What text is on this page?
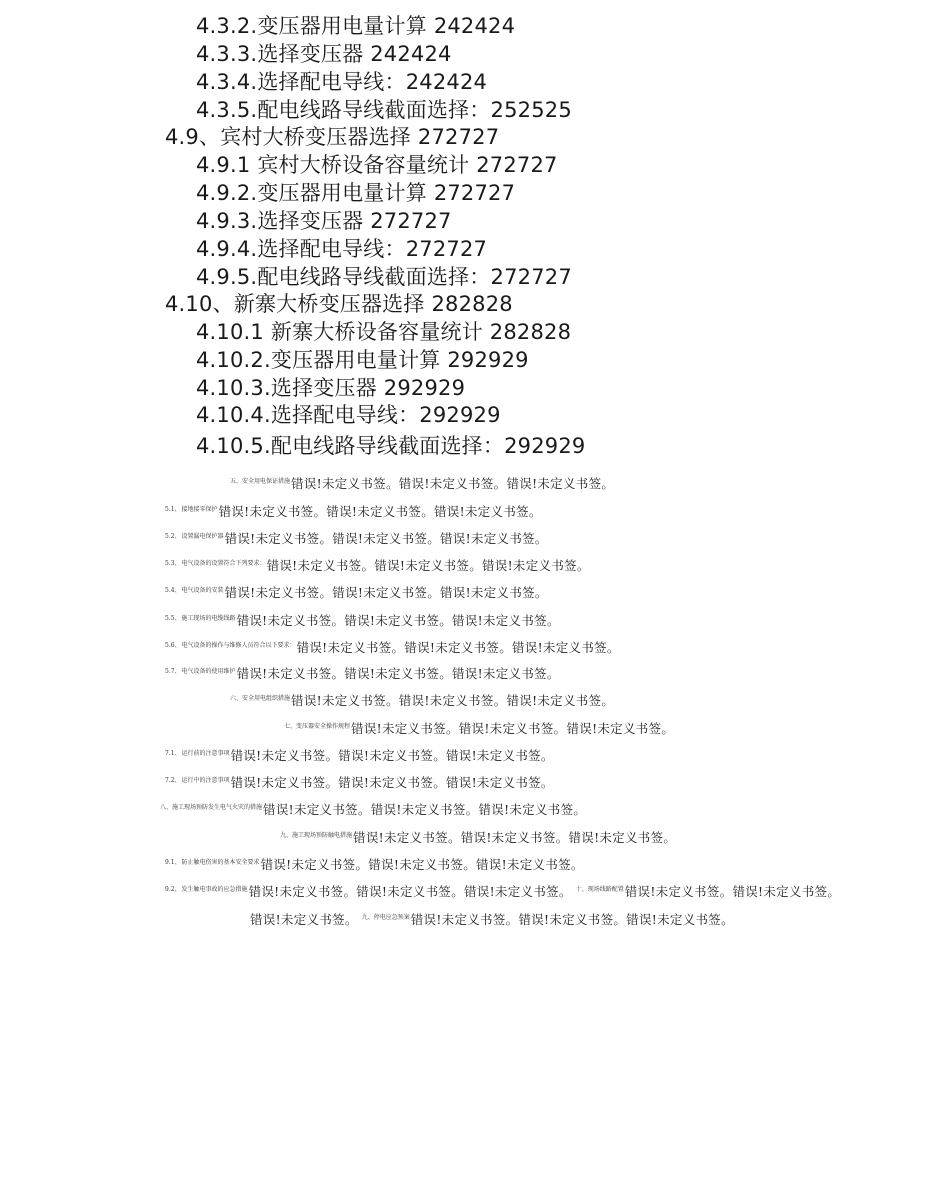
4.3.2.变压器用电量计算 242424
4.3.3.选择变压器 242424
4.3.4.选择配电导线：242424
4.3.5.配电线路导线截面选择：252525
4.9、宾村大桥变压器选择 272727
4.9.1 宾村大桥设备容量统计 272727
4.9.2.变压器用电量计算 272727
4.9.3.选择变压器 272727
4.9.4.选择配电导线：272727
4.9.5.配电线路导线截面选择：272727
4.10、新寨大桥变压器选择 282828
4.10.1 新寨大桥设备容量统计 282828
4.10.2.变压器用电量计算 292929
4.10.3.选择变压器 292929
4.10.4.选择配电导线：292929
4.10.5.配电线路导线截面选择：292929
五、安全用电保证措施错误!未定义书签。错误!未定义书签。错误!未定义书签。
5.1、接地接零保护错误!未定义书签。错误!未定义书签。错误!未定义书签。
5.2、设置漏电保护器错误!未定义书签。错误!未定义书签。错误!未定义书签。
5.3、电气设备的设置符合下列要求：错误!未定义书签。错误!未定义书签。错误!未定义书签。
5.4、电气设备的安装错误!未定义书签。错误!未定义书签。错误!未定义书签。
5.5、施工现场的电缆线路错误!未定义书签。错误!未定义书签。错误!未定义书签。
5.6、电气设备的操作与维修人员符合以下要求：错误!未定义书签。错误!未定义书签。错误!未定义书签。
5.7、电气设备的使用维护错误!未定义书签。错误!未定义书签。错误!未定义书签。
六、安全用电组织措施错误!未定义书签。错误!未定义书签。错误!未定义书签。
七、变压器安全操作规程错误!未定义书签。错误!未定义书签。错误!未定义书签。
7.1、运行前的注意事项错误!未定义书签。错误!未定义书签。错误!未定义书签。
7.2、运行中的注意事项错误!未定义书签。错误!未定义书签。错误!未定义书签。
八、施工现场预防发生电气火灾的措施错误!未定义书签。错误!未定义书签。错误!未定义书签。
九、施工现场预防触电措施错误!未定义书签。错误!未定义书签。错误!未定义书签。
9.1、防止触电伤害的基本安全要求错误!未定义书签。错误!未定义书签。错误!未定义书签。
9.2、发生触电事故的应急措施错误!未定义书签。错误!未定义书签。错误!未定义书签。 十、现场线路配置错误!未定义书签。错误!未定义书签。
错误!未定义书签。 九、停电应急预案错误!未定义书签。错误!未定义书签。错误!未定义书签。
